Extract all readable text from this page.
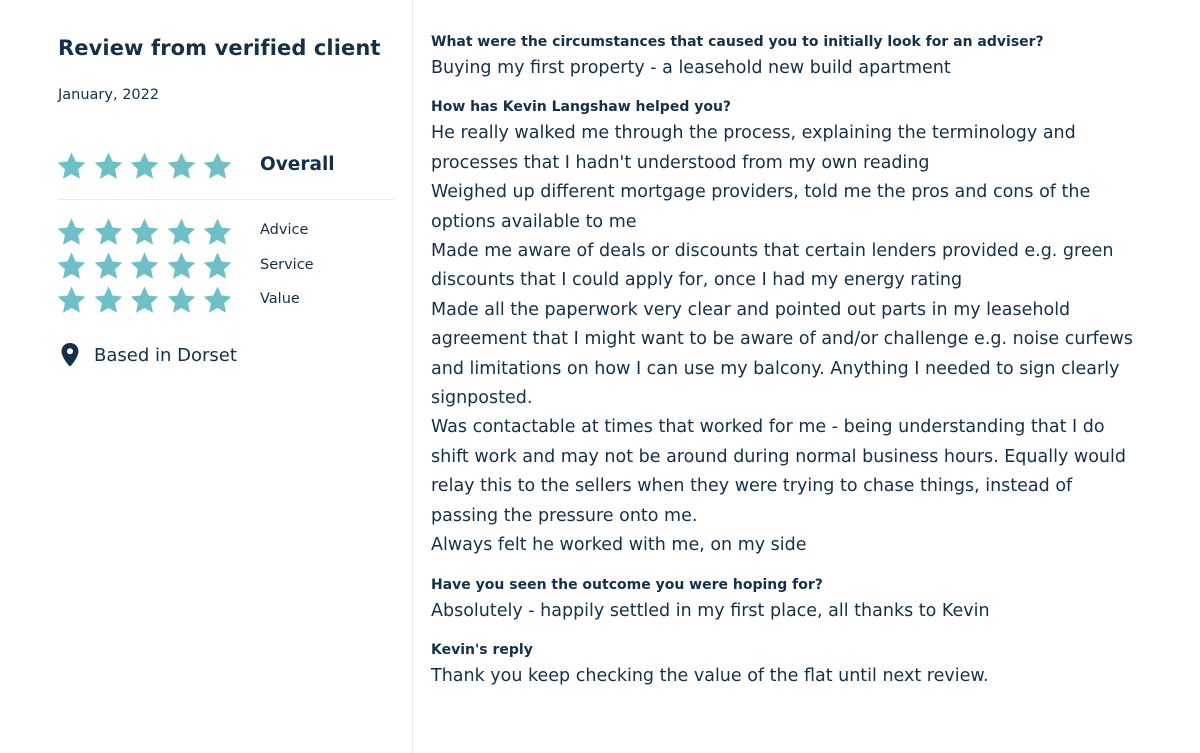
Review from verified client
January, 2022
Overall
Advice
Service
Value
Based in Dorset

What were the circumstances that caused you to initially look for an adviser?

Buying my first property - a leasehold new build apartment

How has Kevin Langshaw helped you?

He really walked me through the process, explaining the terminology and

processes that I hadn't understood from my own reading

Weighed up different mortgage providers, told me the pros and cons of the

options available to me

Made me aware of deals or discounts that certain lenders provided e.g. green

discounts that I could apply for, once I had my energy rating

Made all the paperwork very clear and pointed out parts in my leasehold

agreement that I might want to be aware of and/or challenge e.g. noise curfews

and limitations on how I can use my balcony. Anything I needed to sign clearly

signposted.

Was contactable at times that worked for me - being understanding that I do

shift work and may not be around during normal business hours. Equally would

relay this to the sellers when they were trying to chase things, instead of

passing the pressure onto me.

Always felt he worked with me, on my side

Have you seen the outcome you were hoping for?

Absolutely - happily settled in my first place, all thanks to Kevin

Kevin's reply

Thank you keep checking the value of the flat until next review.
